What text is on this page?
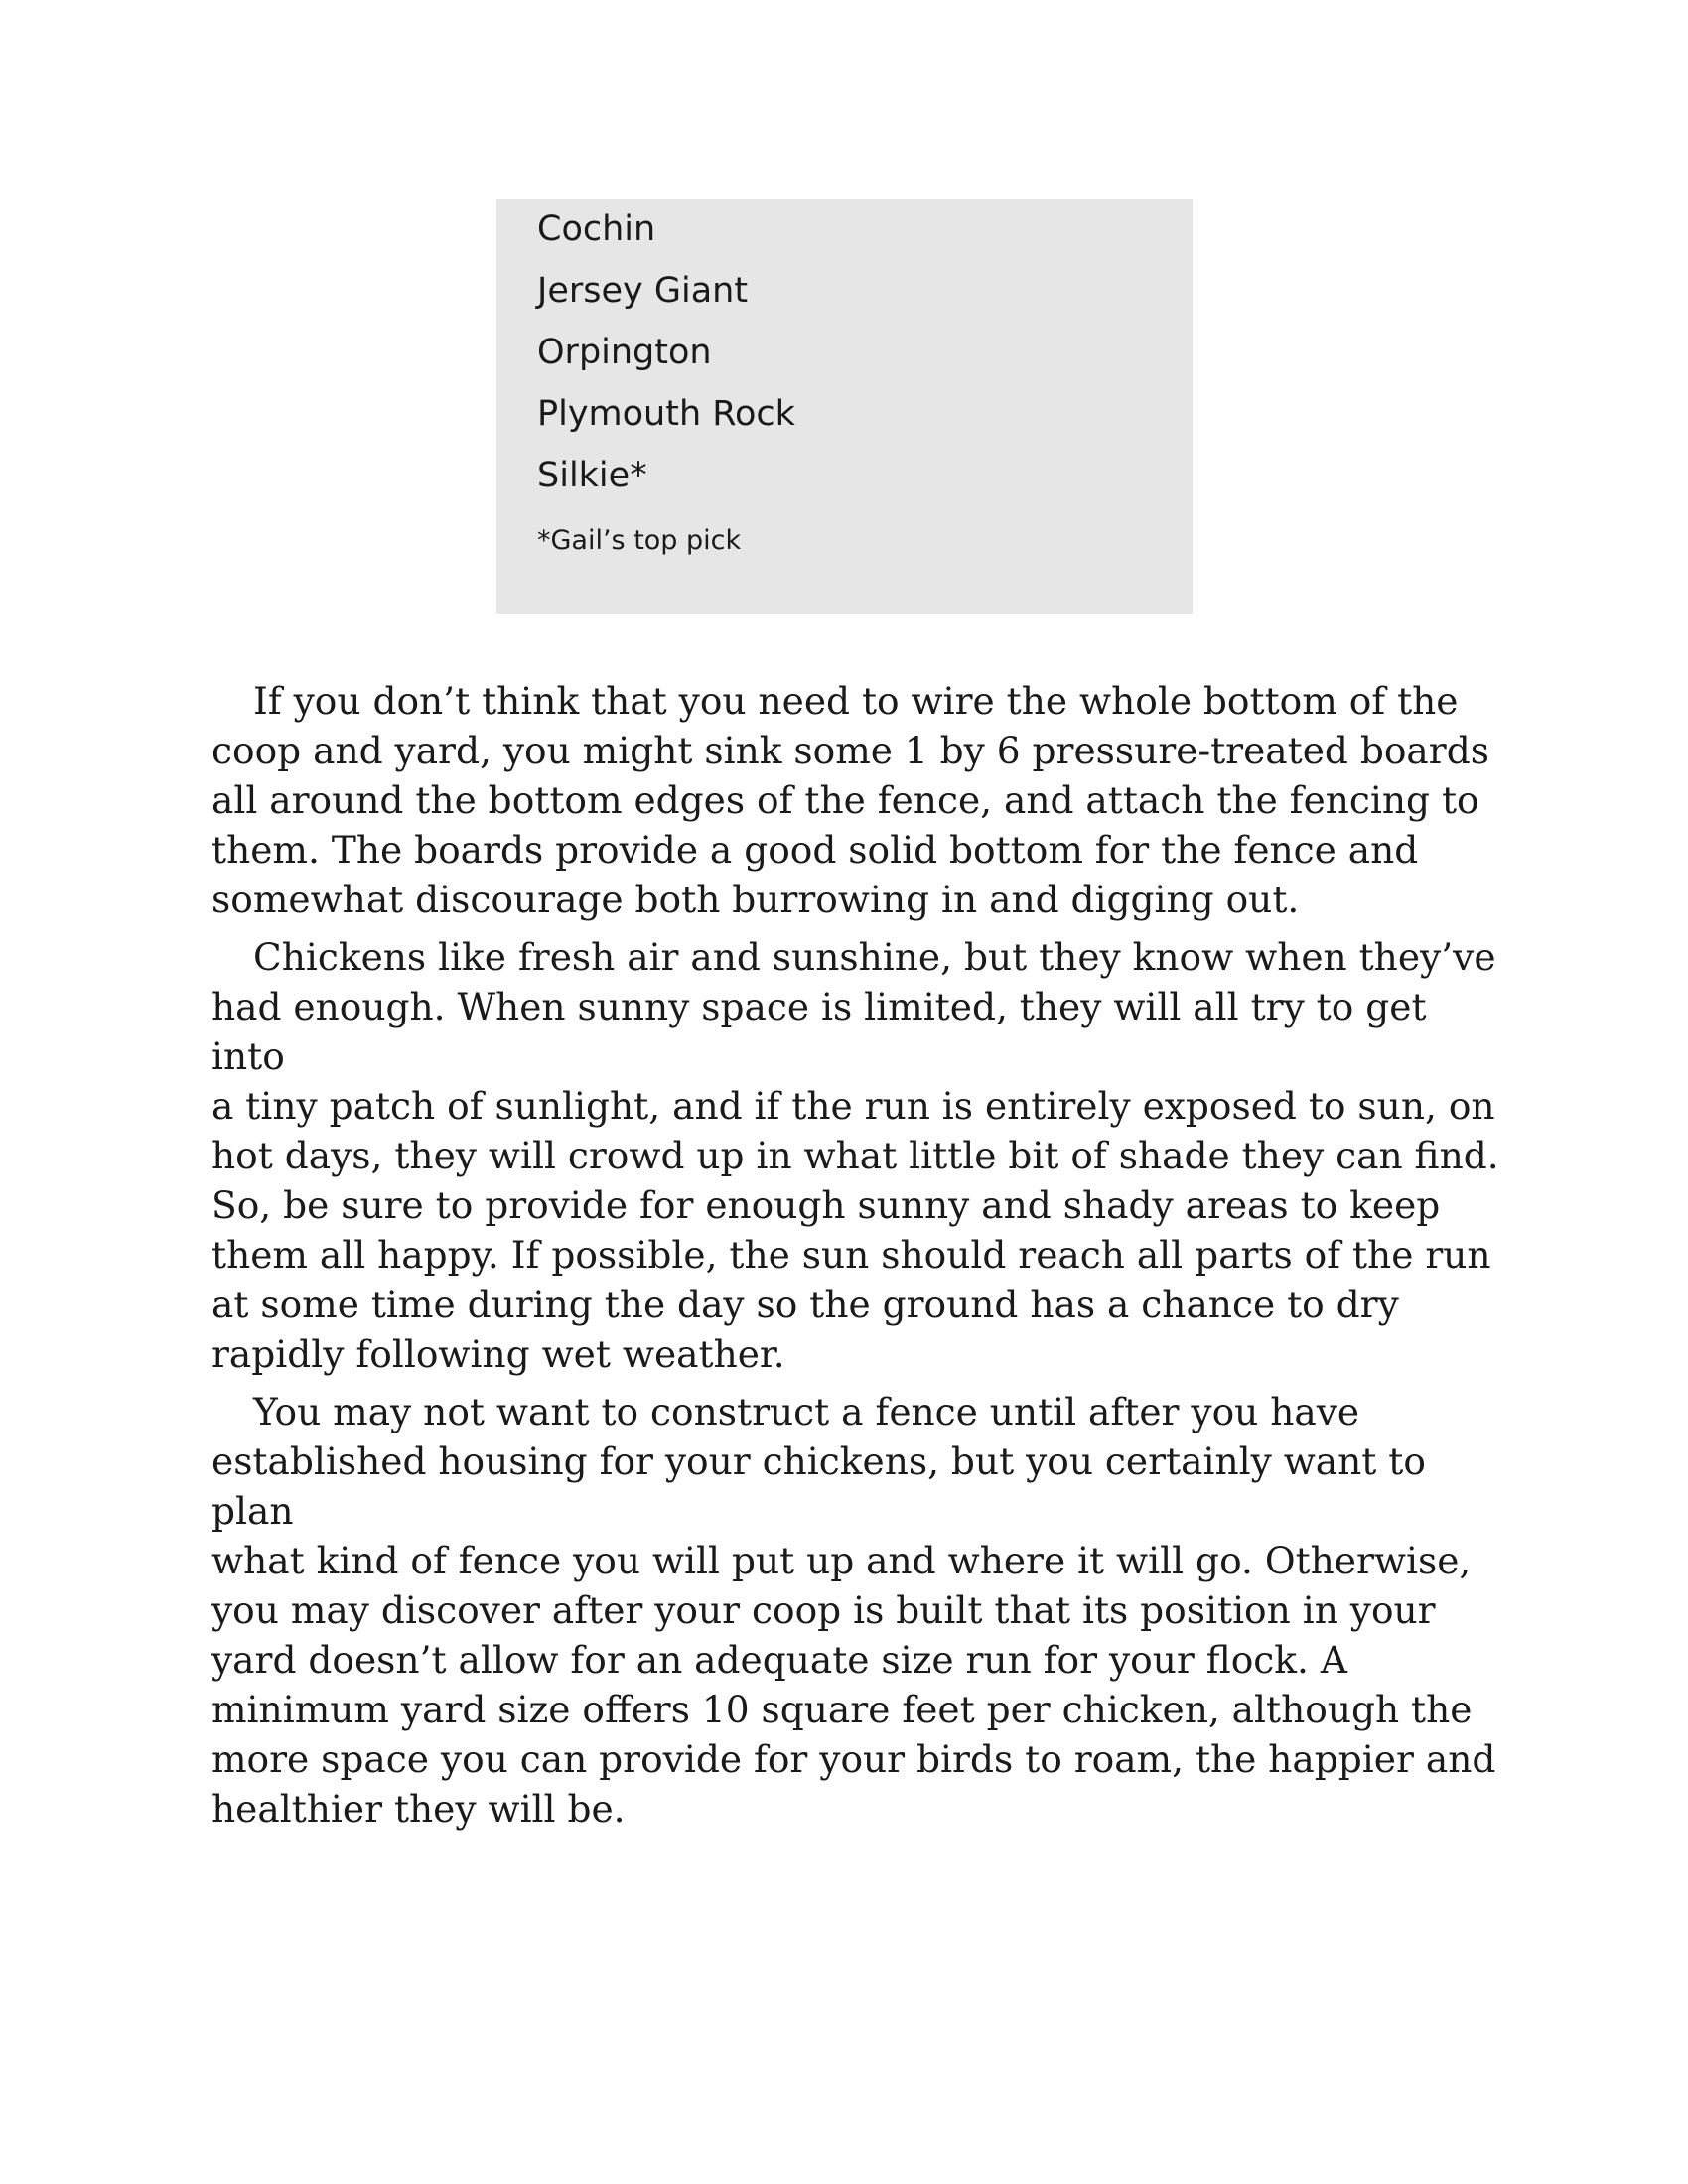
Cochin
Jersey Giant
Orpington
Plymouth Rock
Silkie*
*Gail’s top pick

If you don’t think that you need to wire the whole bottom of the
coop and yard, you might sink some 1 by 6 pressure-treated boards
all around the bottom edges of the fence, and attach the fencing to
them. The boards provide a good solid bottom for the fence and
somewhat discourage both burrowing in and digging out.

Chickens like fresh air and sunshine, but they know when they’ve
had enough. When sunny space is limited, they will all try to get into
a tiny patch of sunlight, and if the run is entirely exposed to sun, on
hot days, they will crowd up in what little bit of shade they can find.
So, be sure to provide for enough sunny and shady areas to keep
them all happy. If possible, the sun should reach all parts of the run
at some time during the day so the ground has a chance to dry
rapidly following wet weather.

You may not want to construct a fence until after you have
established housing for your chickens, but you certainly want to plan
what kind of fence you will put up and where it will go. Otherwise,
you may discover after your coop is built that its position in your
yard doesn’t allow for an adequate size run for your flock. A
minimum yard size offers 10 square feet per chicken, although the
more space you can provide for your birds to roam, the happier and
healthier they will be.
